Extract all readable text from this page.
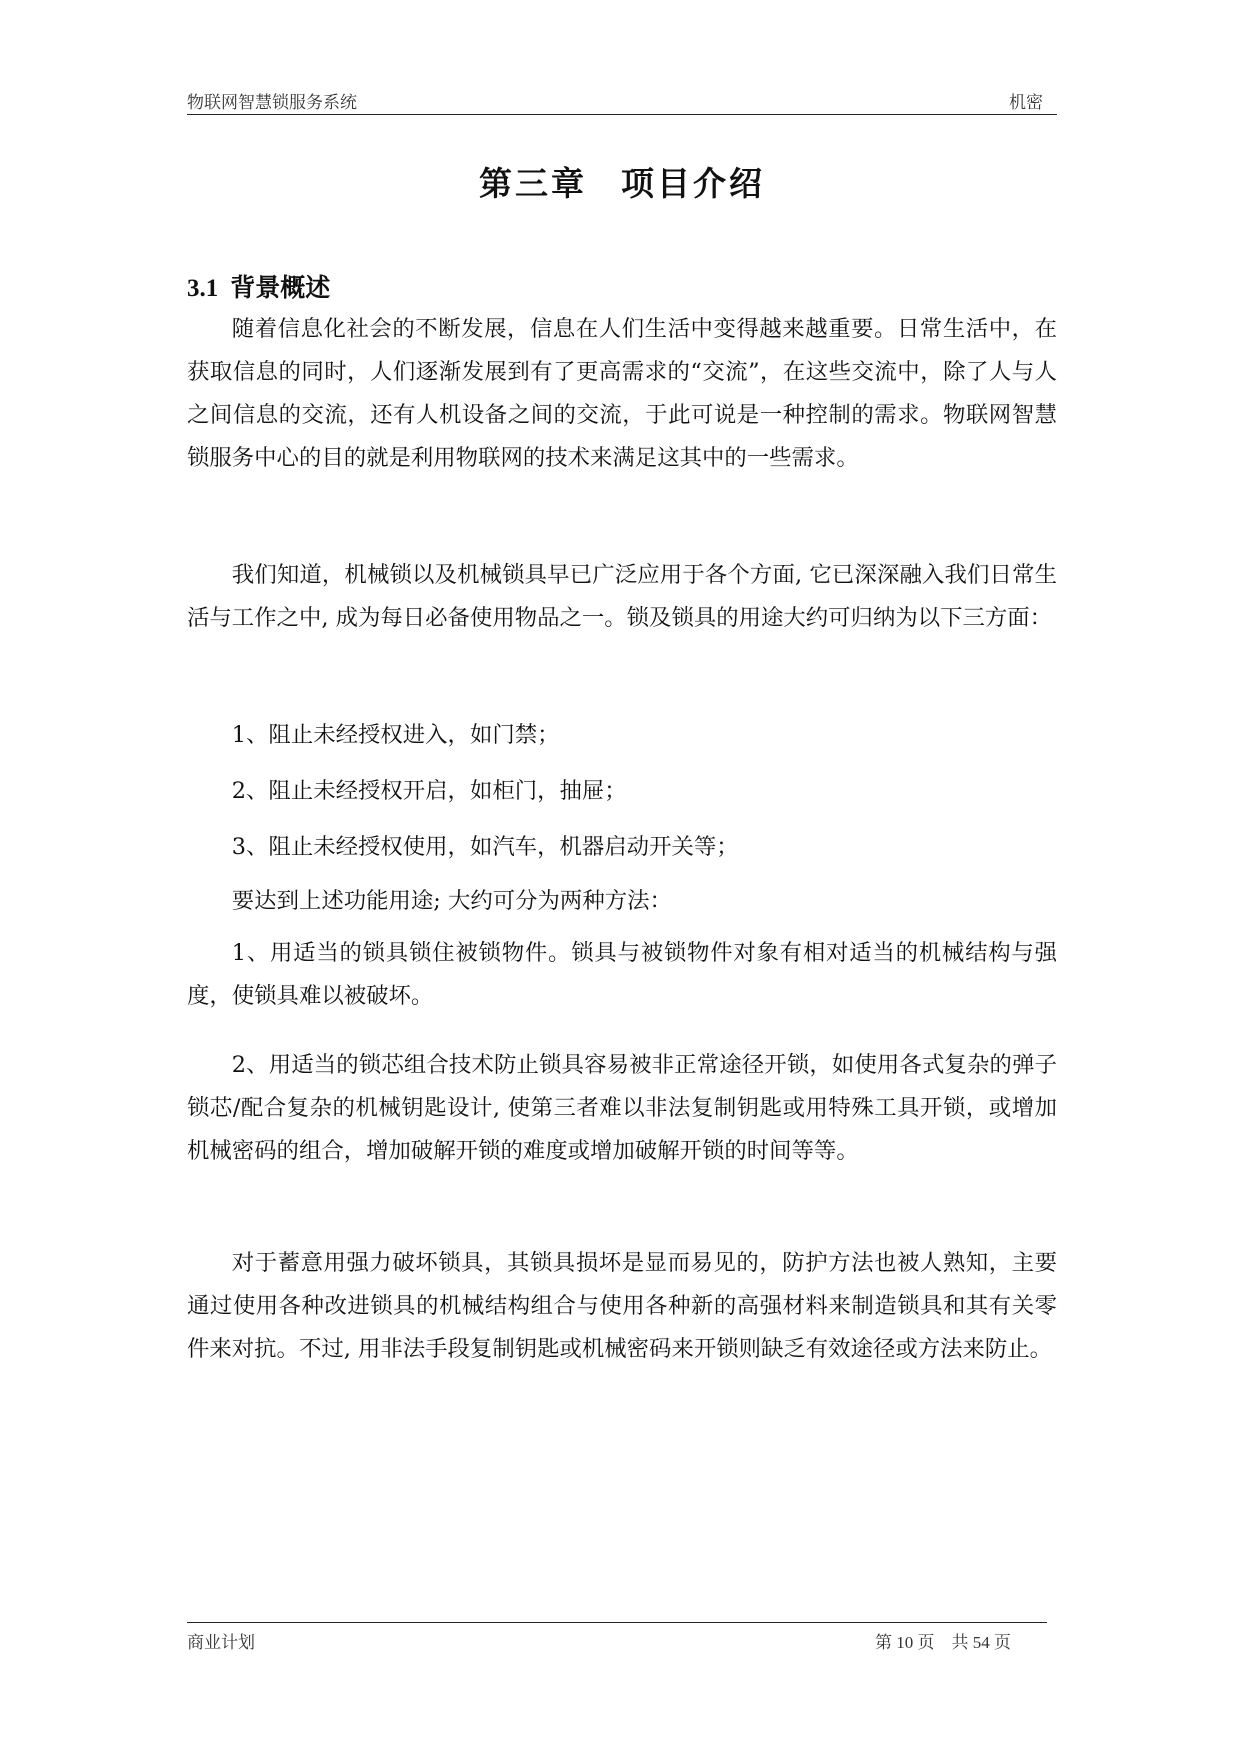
物联网智慧锁服务系统	机密
第三章 项目介绍
3.1 背景概述

随着信息化社会的不断发展，信息在人们生活中变得越来越重要。日常生活中，在获取信息的同时，人们逐渐发展到有了更高需求的“交流”，在这些交流中，除了人与人之间信息的交流，还有人机设备之间的交流，于此可说是一种控制的需求。物联网智慧锁服务中心的目的就是利用物联网的技术来满足这其中的一些需求。

我们知道，机械锁以及机械锁具早已广泛应用于各个方面, 它已深深融入我们日常生活与工作之中, 成为每日必备使用物品之一。锁及锁具的用途大约可归纳为以下三方面：

1、阻止未经授权进入，如门禁；

2、阻止未经授权开启，如柜门，抽屉；

3、阻止未经授权使用，如汽车，机器启动开关等；

要达到上述功能用途; 大约可分为两种方法：

1、用适当的锁具锁住被锁物件。锁具与被锁物件对象有相对适当的机械结构与强度，使锁具难以被破坏。

2、用适当的锁芯组合技术防止锁具容易被非正常途径开锁，如使用各式复杂的弹子锁芯/配合复杂的机械钥匙设计, 使第三者难以非法复制钥匙或用特殊工具开锁，或增加机械密码的组合，增加破解开锁的难度或增加破解开锁的时间等等。

对于蓄意用强力破坏锁具，其锁具损坏是显而易见的，防护方法也被人熟知，主要通过使用各种改进锁具的机械结构组合与使用各种新的高强材料来制造锁具和其有关零件来对抗。不过, 用非法手段复制钥匙或机械密码来开锁则缺乏有效途径或方法来防止。

商业计划	第 10 页　共 54 页
